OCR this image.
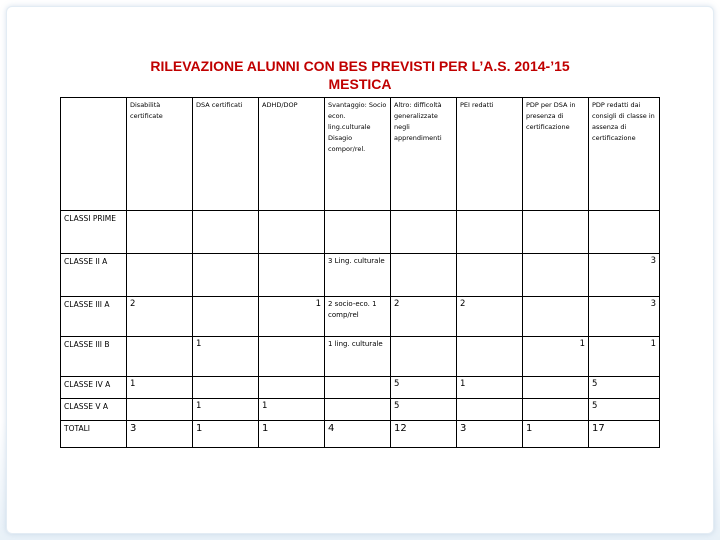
RILEVAZIONE ALUNNI CON BES PREVISTI PER L’A.S. 2014-’15
MESTICA
	Disabilità certificate	DSA certificati	ADHD/DOP	Svantaggio: Socio econ. ling.culturale Disagio compor/rel.	Altro: difficoltà generalizzate negli apprendimenti	PEI redatti	PDP per DSA in presenza di certificazione	PDP redatti dai consigli di classe in assenza di certificazione
CLASSI PRIME								
CLASSE II A				3 Ling. culturale				3
CLASSE III A	2		1	2 socio-eco. 1 comp/rel	2	2		3
CLASSE III B		1		1 ling. culturale			1	1
CLASSE IV A	1				5	1		5
CLASSE V A		1	1		5			5
TOTALI	3	1	1	4	12	3	1	17
